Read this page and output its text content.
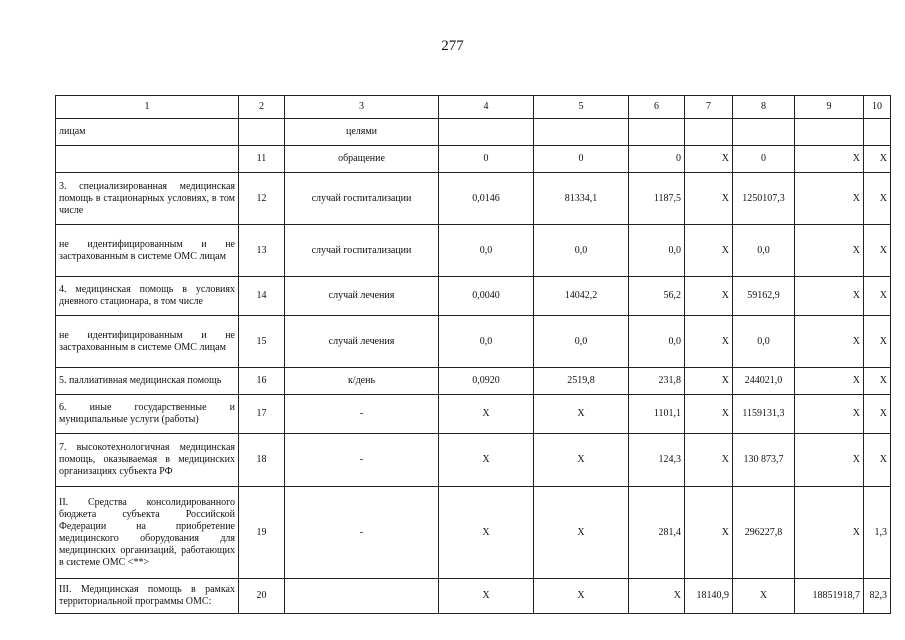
277
1	2	3	4	5	6	7	8	9	10
лицам		целями							
	11	обращение	0	0	0	Х	0	Х	Х
3. специализированная медицинская помощь в стационарных условиях, в том числе	12	случай госпитализации	0,0146	81334,1	1187,5	Х	1250107,3	Х	Х
не идентифицированным и не застрахованным в системе ОМС лицам	13	случай госпитализации	0,0	0,0	0,0	Х	0,0	Х	Х
4. медицинская помощь в условиях дневного стационара, в том числе	14	случай лечения	0,0040	14042,2	56,2	Х	59162,9	Х	Х
не идентифицированным и не застрахованным в системе ОМС лицам	15	случай лечения	0,0	0,0	0,0	Х	0,0	Х	Х
5. паллиативная медицинская помощь	16	к/день	0,0920	2519,8	231,8	Х	244021,0	Х	Х
6. иные государственные и муниципальные услуги (работы)	17	-	Х	Х	1101,1	Х	1159131,3	Х	Х
7. высокотехнологичная медицинская помощь, оказываемая в медицинских организациях субъекта РФ	18	-	Х	Х	124,3	Х	130 873,7	Х	Х
II. Средства консолидированного бюджета субъекта Российской Федерации на приобретение медицинского оборудования для медицинских организаций, работающих в системе ОМС <**>	19	-	Х	Х	281,4	Х	296227,8	Х	1,3
III. Медицинская помощь в рамках территориальной программы ОМС:	20		Х	Х	Х	18140,9	Х	18851918,7	82,3
